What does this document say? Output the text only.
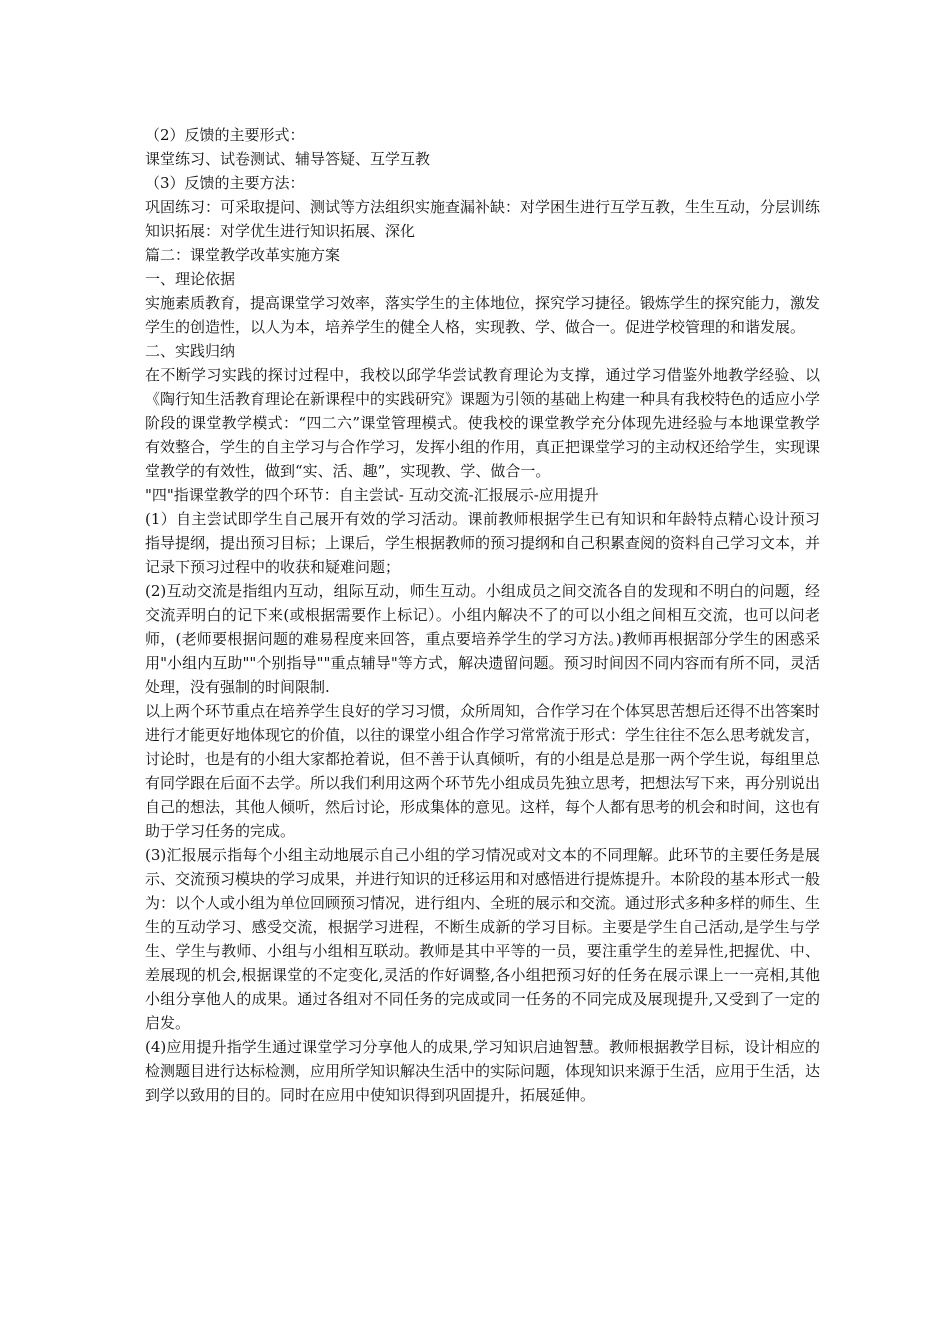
（2）反馈的主要形式：

课堂练习、试卷测试、辅导答疑、互学互教

（3）反馈的主要方法：

巩固练习：可采取提问、测试等方法组织实施查漏补缺：对学困生进行互学互教，生生互动，分层训练

知识拓展：对学优生进行知识拓展、深化

篇二：课堂教学改革实施方案

一、理论依据

实施素质教育，提高课堂学习效率，落实学生的主体地位，探究学习捷径。锻炼学生的探究能力，激发学生的创造性，以人为本，培养学生的健全人格，实现教、学、做合一。促进学校管理的和谐发展。

二、实践归纳

在不断学习实践的探讨过程中，我校以邱学华尝试教育理论为支撑，通过学习借鉴外地教学经验、以《陶行知生活教育理论在新课程中的实践研究》课题为引领的基础上构建一种具有我校特色的适应小学阶段的课堂教学模式：“四二六”课堂管理模式。使我校的课堂教学充分体现先进经验与本地课堂教学有效整合，学生的自主学习与合作学习，发挥小组的作用，真正把课堂学习的主动权还给学生，实现课堂教学的有效性，做到“实、活、趣”，实现教、学、做合一。

"四"指课堂教学的四个环节：自主尝试- 互动交流-汇报展示-应用提升

(1）自主尝试即学生自己展开有效的学习活动。课前教师根据学生已有知识和年龄特点精心设计预习指导提纲，提出预习目标；上课后，学生根据教师的预习提纲和自己积累查阅的资料自己学习文本，并记录下预习过程中的收获和疑难问题；

(2)互动交流是指组内互动，组际互动，师生互动。小组成员之间交流各自的发现和不明白的问题，经交流弄明白的记下来(或根据需要作上标记）。小组内解决不了的可以小组之间相互交流，也可以问老师，(老师要根据问题的难易程度来回答，重点要培养学生的学习方法。)教师再根据部分学生的困惑采用"小组内互助""个别指导""重点辅导"等方式，解决遗留问题。预习时间因不同内容而有所不同，灵活处理，没有强制的时间限制.

以上两个环节重点在培养学生良好的学习习惯，众所周知，合作学习在个体冥思苦想后还得不出答案时进行才能更好地体现它的价值，以往的课堂小组合作学习常常流于形式：学生往往不怎么思考就发言，讨论时，也是有的小组大家都抢着说，但不善于认真倾听，有的小组是总是那一两个学生说，每组里总有同学跟在后面不去学。所以我们利用这两个环节先小组成员先独立思考，把想法写下来，再分别说出自己的想法，其他人倾听，然后讨论，形成集体的意见。这样，每个人都有思考的机会和时间，这也有助于学习任务的完成。

(3)汇报展示指每个小组主动地展示自己小组的学习情况或对文本的不同理解。此环节的主要任务是展示、交流预习模块的学习成果，并进行知识的迁移运用和对感悟进行提炼提升。本阶段的基本形式一般为：以个人或小组为单位回顾预习情况，进行组内、全班的展示和交流。通过形式多种多样的师生、生生的互动学习、感受交流，根据学习进程，不断生成新的学习目标。主要是学生自己活动,是学生与学生、学生与教师、小组与小组相互联动。教师是其中平等的一员，要注重学生的差异性,把握优、中、差展现的机会,根据课堂的不定变化,灵活的作好调整,各小组把预习好的任务在展示课上一一亮相,其他小组分享他人的成果。通过各组对不同任务的完成或同一任务的不同完成及展现提升,又受到了一定的启发。

(4)应用提升指学生通过课堂学习分享他人的成果,学习知识启迪智慧。教师根据教学目标，设计相应的检测题目进行达标检测，应用所学知识解决生活中的实际问题，体现知识来源于生活，应用于生活，达到学以致用的目的。同时在应用中使知识得到巩固提升，拓展延伸。
